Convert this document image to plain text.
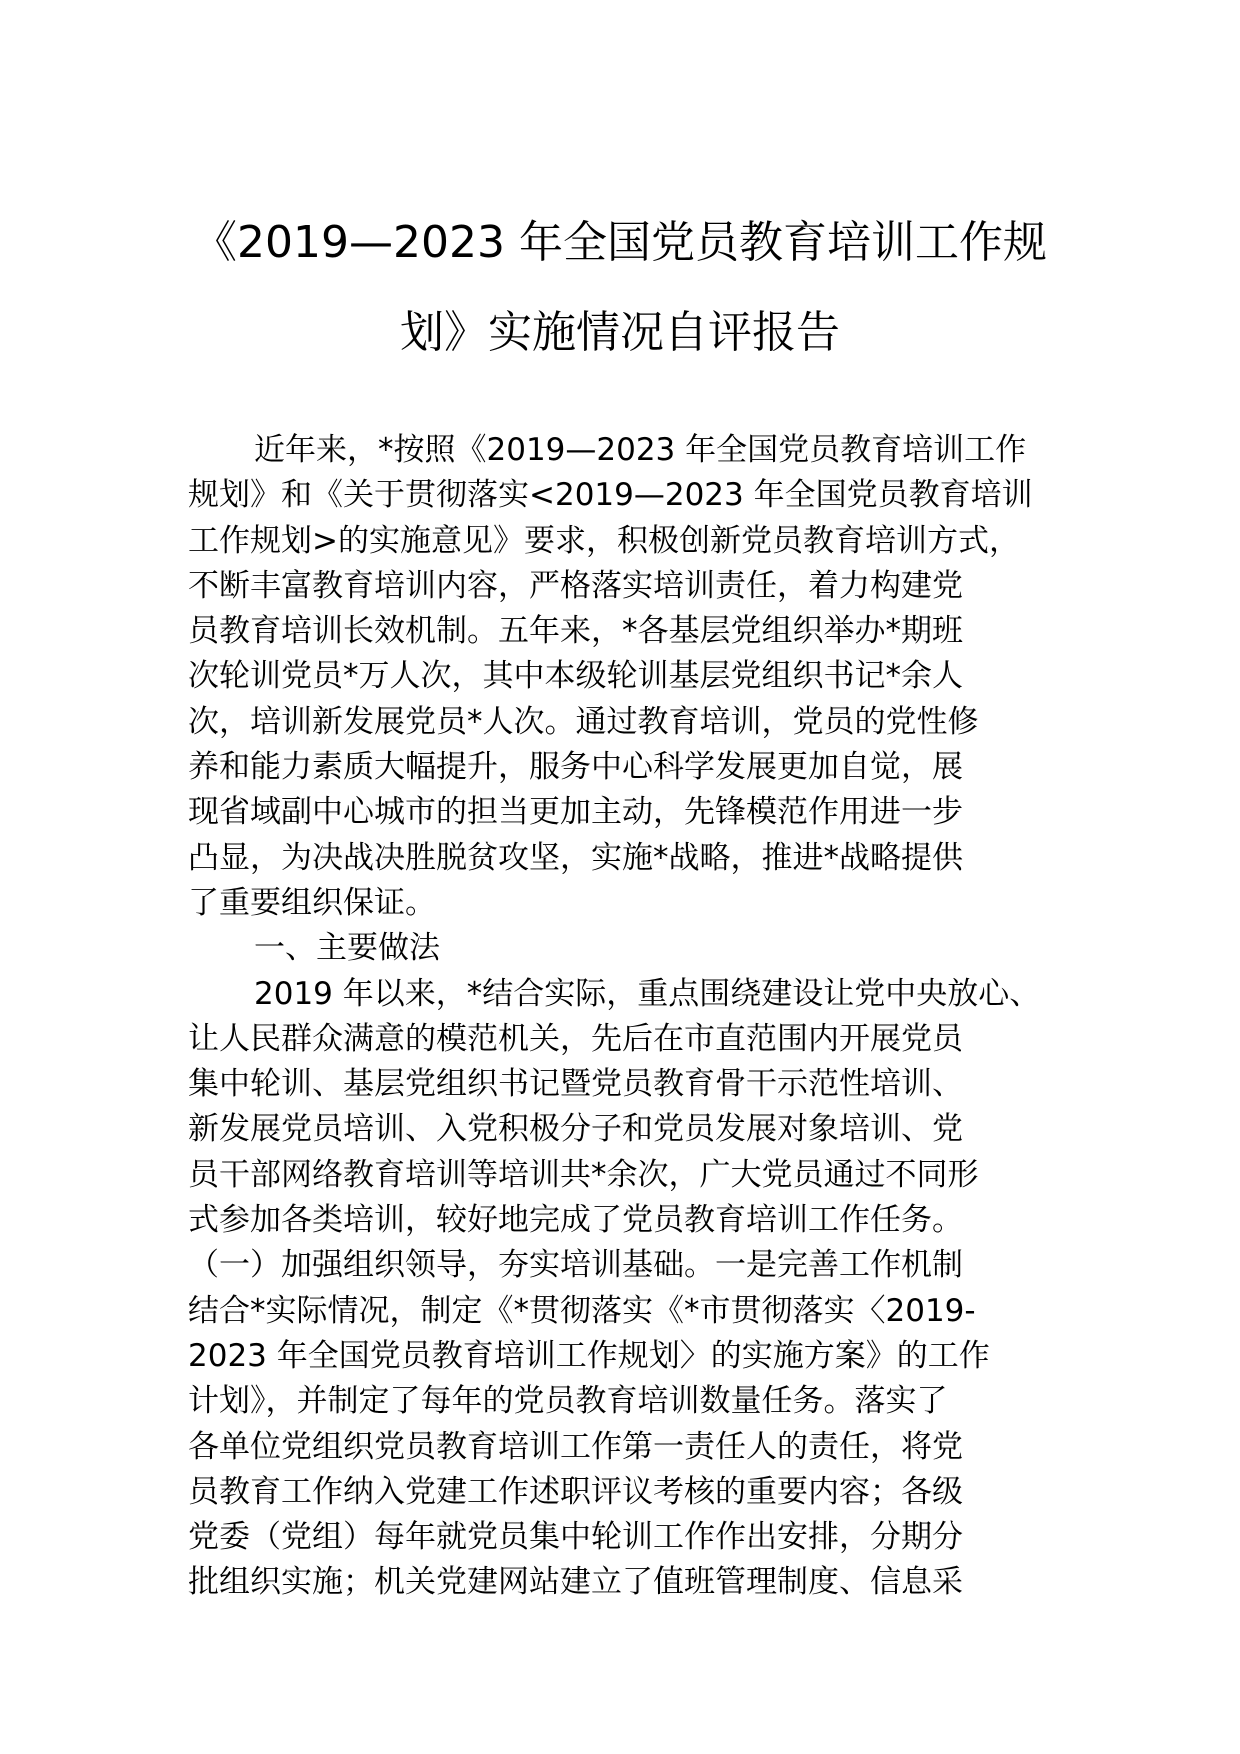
《2019—2023 年全国党员教育培训工作规
划》实施情况自评报告
近年来，*按照《2019—2023 年全国党员教育培训工作
规划》和《关于贯彻落实<2019—2023 年全国党员教育培训
工作规划>的实施意见》要求，积极创新党员教育培训方式，
不断丰富教育培训内容，严格落实培训责任，着力构建党
员教育培训长效机制。五年来，*各基层党组织举办*期班
次轮训党员*万人次，其中本级轮训基层党组织书记*余人
次，培训新发展党员*人次。通过教育培训，党员的党性修
养和能力素质大幅提升，服务中心科学发展更加自觉，展
现省域副中心城市的担当更加主动，先锋模范作用进一步
凸显，为决战决胜脱贫攻坚，实施*战略，推进*战略提供
了重要组织保证。
一、主要做法
2019 年以来，*结合实际，重点围绕建设让党中央放心、
让人民群众满意的模范机关，先后在市直范围内开展党员
集中轮训、基层党组织书记暨党员教育骨干示范性培训、
新发展党员培训、入党积极分子和党员发展对象培训、党
员干部网络教育培训等培训共*余次，广大党员通过不同形
式参加各类培训，较好地完成了党员教育培训工作任务。
（一）加强组织领导，夯实培训基础。一是完善工作机制
结合*实际情况，制定《*贯彻落实《*市贯彻落实〈2019-
2023 年全国党员教育培训工作规划〉的实施方案》的工作
计划》，并制定了每年的党员教育培训数量任务。落实了
各单位党组织党员教育培训工作第一责任人的责任，将党
员教育工作纳入党建工作述职评议考核的重要内容；各级
党委（党组）每年就党员集中轮训工作作出安排，分期分
批组织实施；机关党建网站建立了值班管理制度、信息采
